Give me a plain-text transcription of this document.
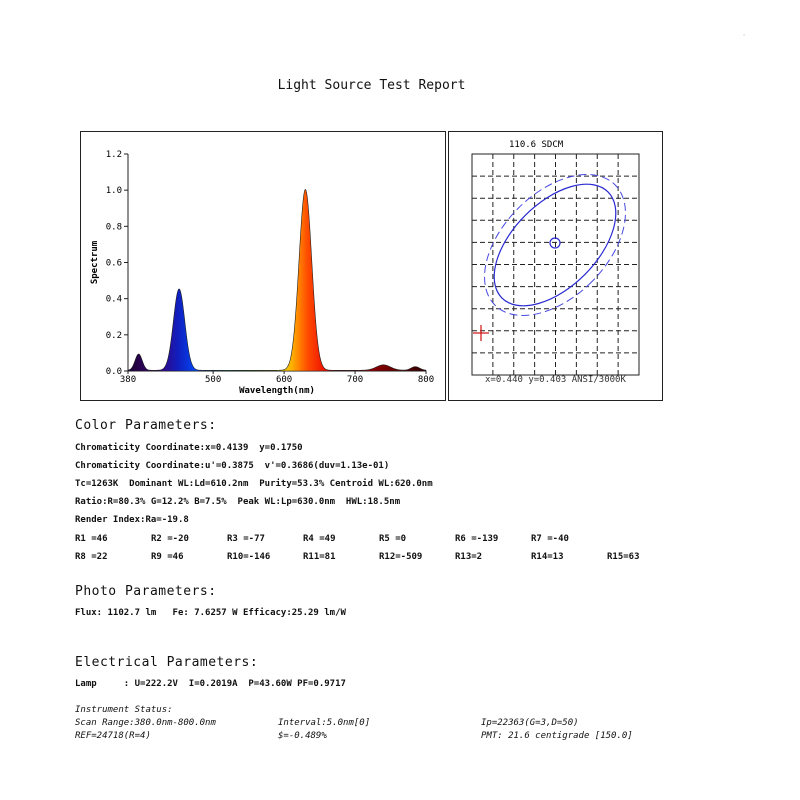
,
Light Source Test Report
0.0
0.2
0.4
0.6
0.8
1.0
1.2
380	500	600	700	800
Wavelength(nm)
Spectrum
110.6 SDCM
x=0.440 y=0.403 ANSI/3000K
Color Parameters:
Chromaticity Coordinate:x=0.4139  y=0.1750
Chromaticity Coordinate:u'=0.3875  v'=0.3686(duv=1.13e-01)
Tc=1263K  Dominant WL:Ld=610.2nm  Purity=53.3% Centroid WL:620.0nm
Ratio:R=80.3% G=12.2% B=7.5%  Peak WL:Lp=630.0nm  HWL:18.5nm
Render Index:Ra=-19.8
R1 =46	R2 =-20	R3 =-77	R4 =49	R5 =0	R6 =-139	R7 =-40
R8 =22	R9 =46	R10=-146	R11=81	R12=-509	R13=2	R14=13	R15=63
Photo Parameters:
Flux: 1102.7 lm   Fe: 7.6257 W Efficacy:25.29 lm/W
Electrical Parameters:
Lamp     : U=222.2V  I=0.2019A  P=43.60W PF=0.9717
Instrument Status:
Scan Range:380.0nm-800.0nm	Interval:5.0nm[0]	Ip=22363(G=3,D=50)
REF=24718(R=4)	$=-0.489%	PMT: 21.6 centigrade [150.0]
